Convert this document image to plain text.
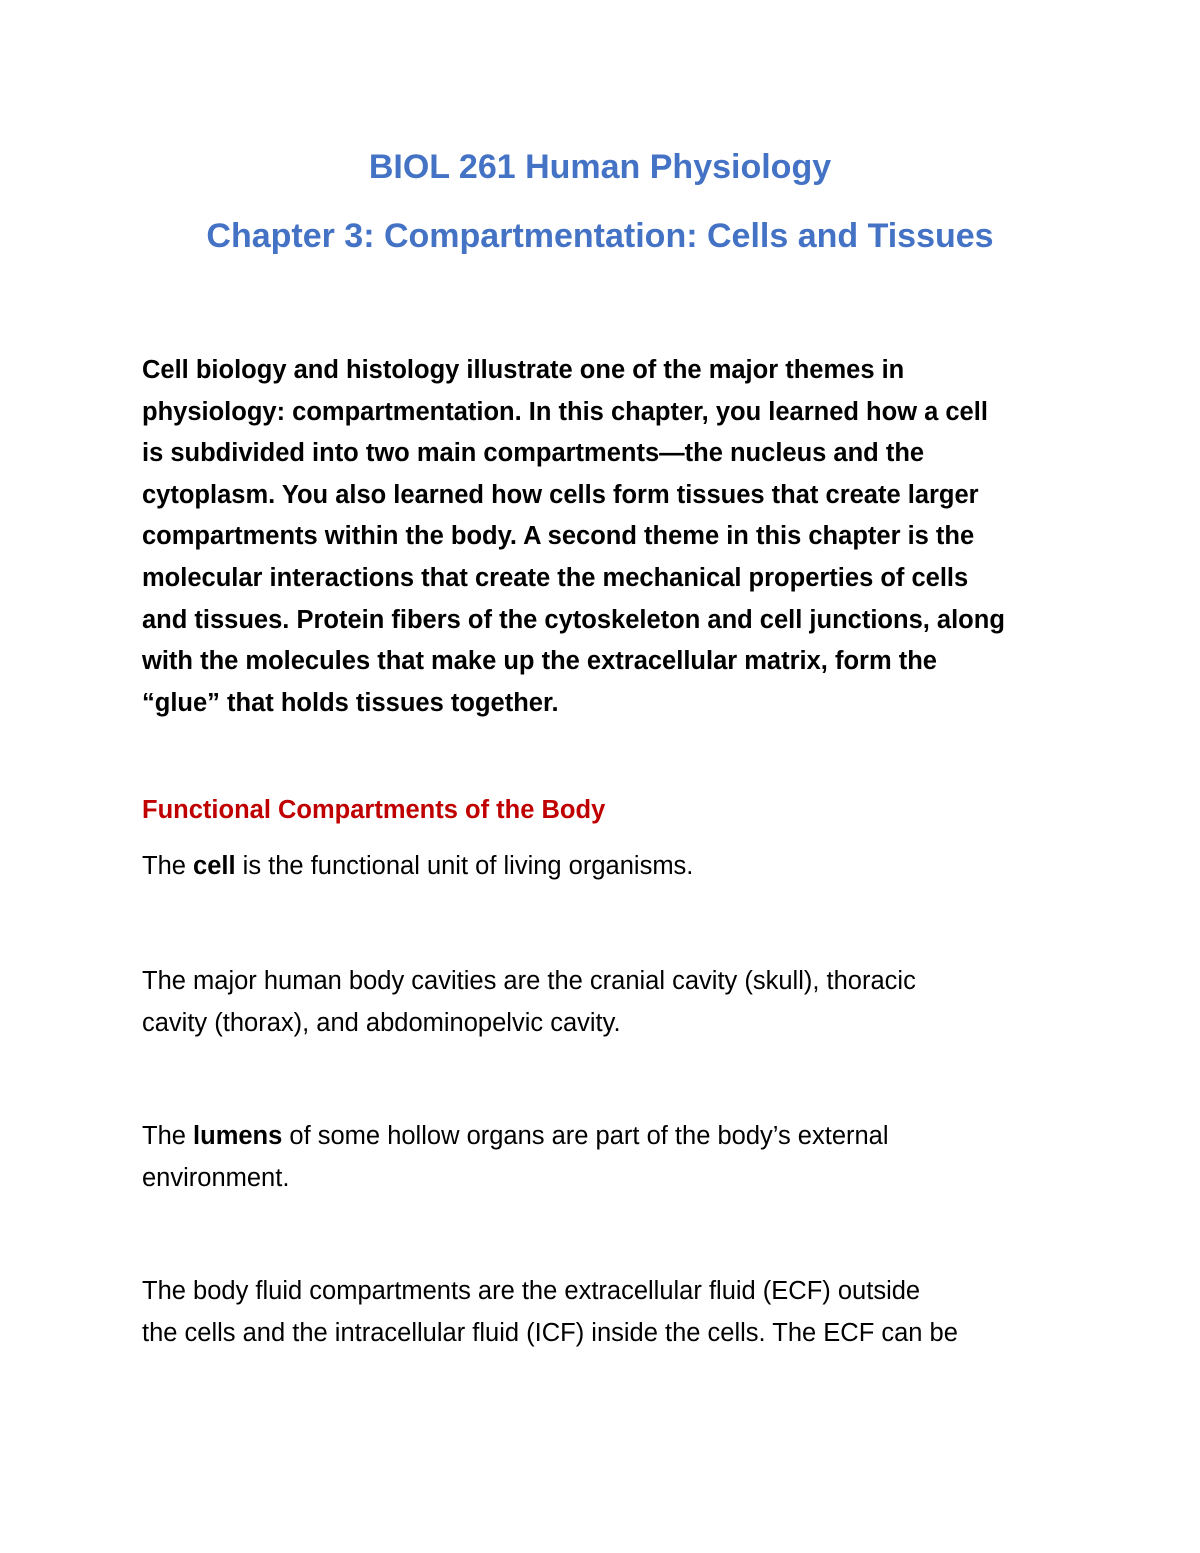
BIOL 261 Human Physiology
Chapter 3: Compartmentation: Cells and Tissues

Cell biology and histology illustrate one of the major themes in
physiology: compartmentation. In this chapter, you learned how a cell
is subdivided into two main compartments—the nucleus and the
cytoplasm. You also learned how cells form tissues that create larger
compartments within the body. A second theme in this chapter is the
molecular interactions that create the mechanical properties of cells
and tissues. Protein fibers of the cytoskeleton and cell junctions, along
with the molecules that make up the extracellular matrix, form the
“glue” that holds tissues together.

Functional Compartments of the Body

The cell is the functional unit of living organisms.

The major human body cavities are the cranial cavity (skull), thoracic
cavity (thorax), and abdominopelvic cavity.

The lumens of some hollow organs are part of the body’s external
environment.

The body fluid compartments are the extracellular fluid (ECF) outside
the cells and the intracellular fluid (ICF) inside the cells. The ECF can be
